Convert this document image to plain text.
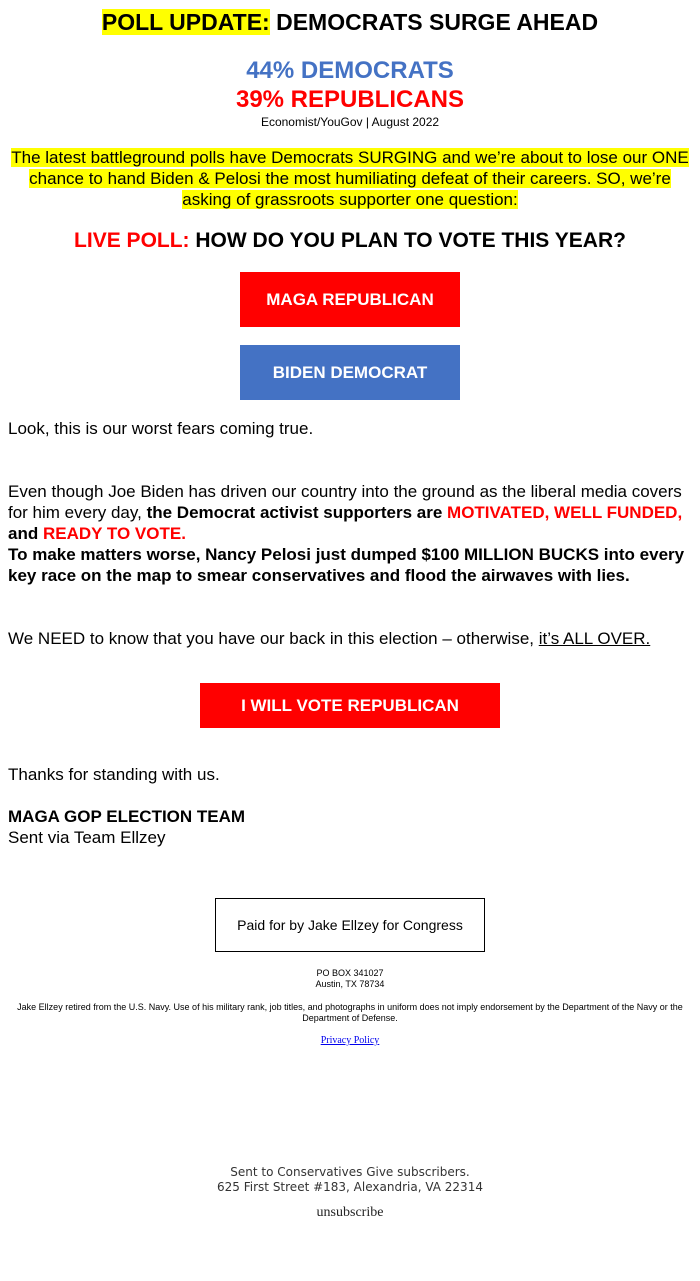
POLL UPDATE: DEMOCRATS SURGE AHEAD
44% DEMOCRATS
39% REPUBLICANS
Economist/YouGov | August 2022
The latest battleground polls have Democrats SURGING and we’re about to lose our ONE chance to hand Biden & Pelosi the most humiliating defeat of their careers. SO, we’re asking of grassroots supporter one question:
LIVE POLL: HOW DO YOU PLAN TO VOTE THIS YEAR?
MAGA REPUBLICAN
BIDEN DEMOCRAT
Look, this is our worst fears coming true.
Even though Joe Biden has driven our country into the ground as the liberal media covers for him every day, the Democrat activist supporters are MOTIVATED, WELL FUNDED, and READY TO VOTE.
To make matters worse, Nancy Pelosi just dumped $100 MILLION BUCKS into every key race on the map to smear conservatives and flood the airwaves with lies.
We NEED to know that you have our back in this election – otherwise, it’s ALL OVER.
I WILL VOTE REPUBLICAN
Thanks for standing with us.
MAGA GOP ELECTION TEAM
Sent via Team Ellzey
Paid for by Jake Ellzey for Congress
PO BOX 341027
Austin, TX 78734
Jake Ellzey retired from the U.S. Navy. Use of his military rank, job titles, and photographs in uniform does not imply endorsement by the Department of the Navy or the Department of Defense.
Privacy Policy
Sent to Conservatives Give subscribers.
625 First Street #183, Alexandria, VA 22314
unsubscribe
